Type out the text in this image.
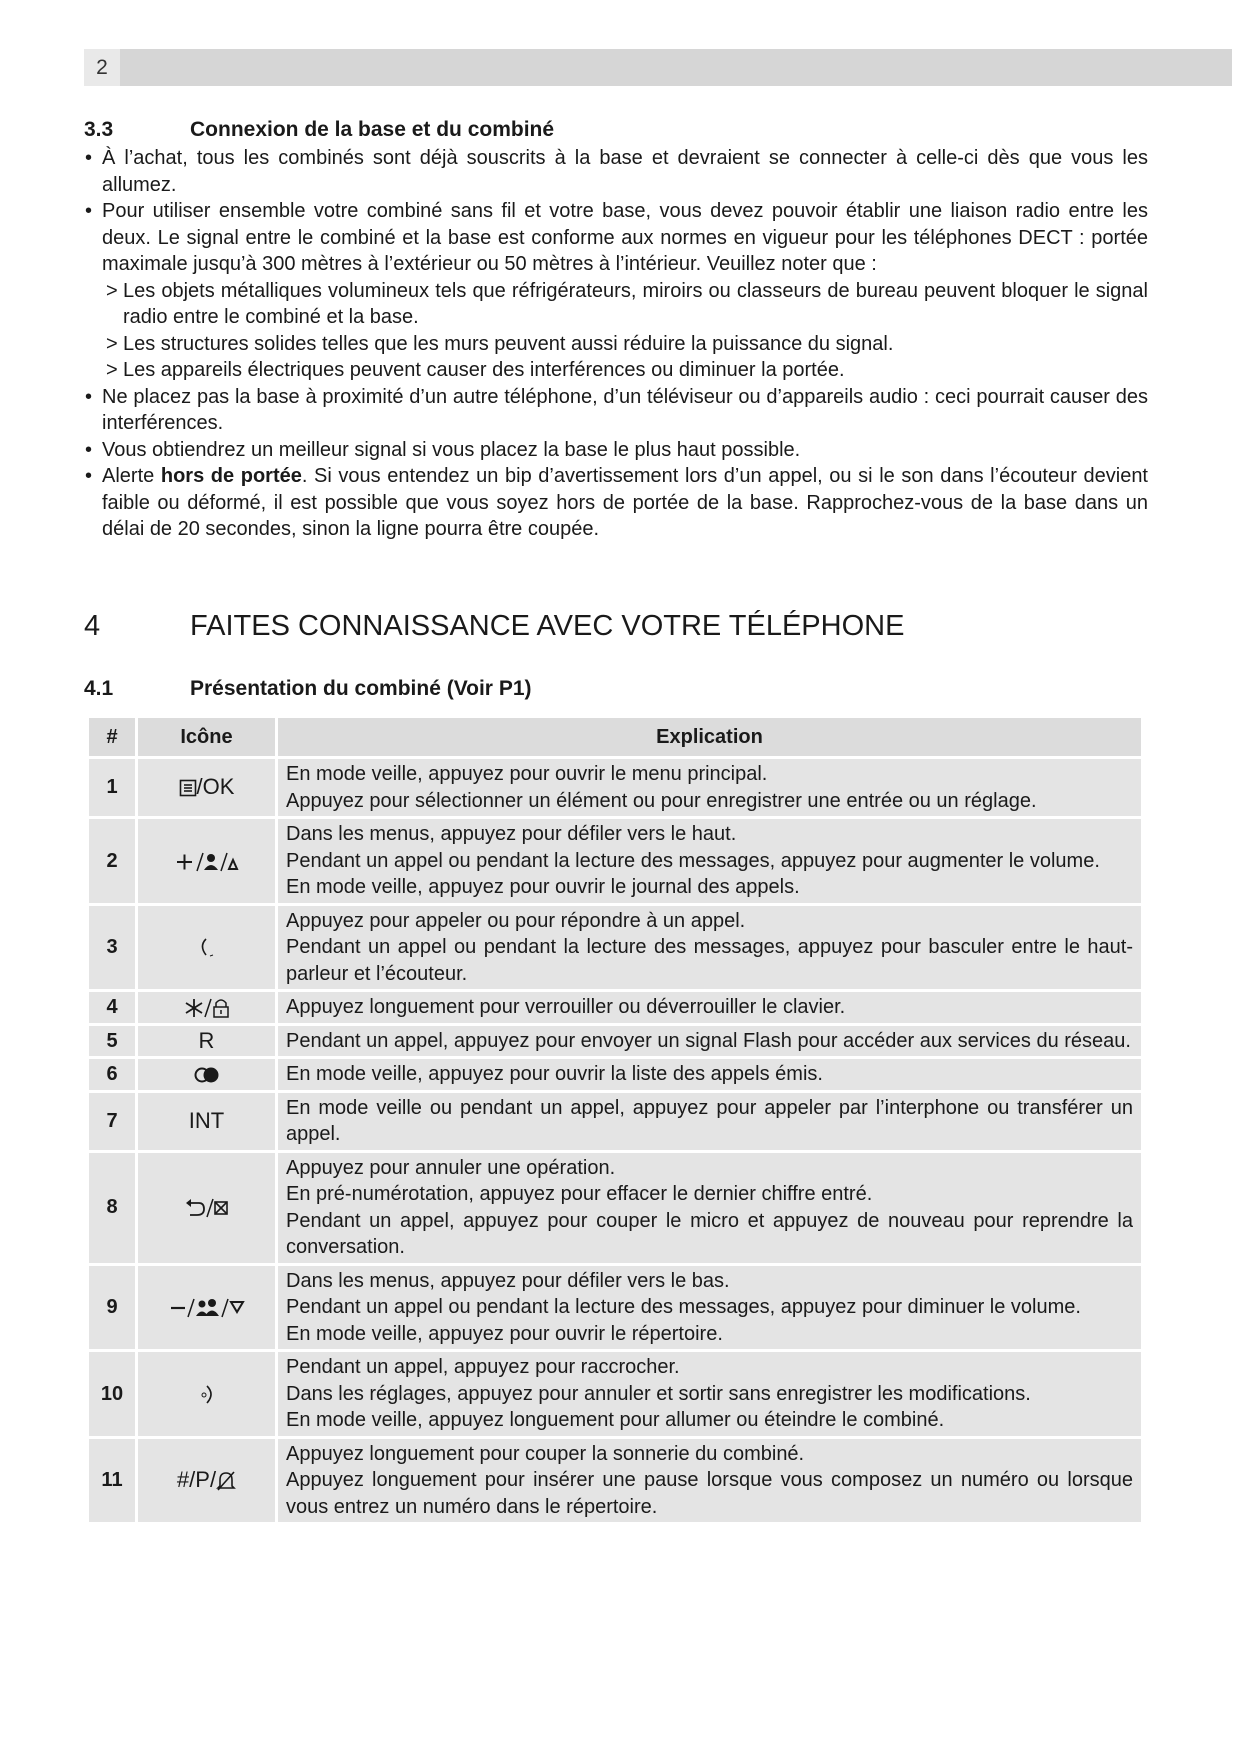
2
3.3	Connexion de la base et du combiné
• À l’achat, tous les combinés sont déjà souscrits à la base et devraient se connecter à celle-ci dès que vous les allumez.
• Pour utiliser ensemble votre combiné sans fil et votre base, vous devez pouvoir établir une liaison radio entre les deux. Le signal entre le combiné et la base est conforme aux normes en vigueur pour les téléphones DECT : portée maximale jusqu’à 300 mètres à l’extérieur ou 50 mètres à l’intérieur. Veuillez noter que :
> Les objets métalliques volumineux tels que réfrigérateurs, miroirs ou classeurs de bureau peuvent bloquer le signal radio entre le combiné et la base.
> Les structures solides telles que les murs peuvent aussi réduire la puissance du signal.
> Les appareils électriques peuvent causer des interférences ou diminuer la portée.
• Ne placez pas la base à proximité d’un autre téléphone, d’un téléviseur ou d’appareils audio : ceci pourrait causer des interférences.
• Vous obtiendrez un meilleur signal si vous placez la base le plus haut possible.
• Alerte hors de portée. Si vous entendez un bip d’avertissement lors d’un appel, ou si le son dans l’écouteur devient faible ou déformé, il est possible que vous soyez hors de portée de la base. Rapprochez-vous de la base dans un délai de 20 secondes, sinon la ligne pourra être coupée.
4	FAITES CONNAISSANCE AVEC VOTRE TÉLÉPHONE
4.1	Présentation du combiné (Voir P1)
#	Icône	Explication
1	/OK	En mode veille, appuyez pour ouvrir le menu principal.
Appuyez pour sélectionner un élément ou pour enregistrer une entrée ou un réglage.

2		Dans les menus, appuyez pour défiler vers le haut.
Pendant un appel ou pendant la lecture des messages, appuyez pour augmenter le volume.
En mode veille, appuyez pour ouvrir le journal des appels.

3		Appuyez pour appeler ou pour répondre à un appel.
Pendant un appel ou pendant la lecture des messages, appuyez pour basculer entre le haut-parleur et l’écouteur.

4		Appuyez longuement pour verrouiller ou déverrouiller le clavier.

5	R	Pendant un appel, appuyez pour envoyer un signal Flash pour accéder aux services du réseau.

6		En mode veille, appuyez pour ouvrir la liste des appels émis.

7	INT	En mode veille ou pendant un appel, appuyez pour appeler par l’interphone ou transférer un appel.

8		Appuyez pour annuler une opération.
En pré-numérotation, appuyez pour effacer le dernier chiffre entré.
Pendant un appel, appuyez pour couper le micro et appuyez de nouveau pour reprendre la conversation.

9		Dans les menus, appuyez pour défiler vers le bas.
Pendant un appel ou pendant la lecture des messages, appuyez pour diminuer le volume.
En mode veille, appuyez pour ouvrir le répertoire.

10		Pendant un appel, appuyez pour raccrocher.
Dans les réglages, appuyez pour annuler et sortir sans enregistrer les modifications.
En mode veille, appuyez longuement pour allumer ou éteindre le combiné.

11	#/P/	Appuyez longuement pour couper la sonnerie du combiné.
Appuyez longuement pour insérer une pause lorsque vous composez un numéro ou lorsque vous entrez un numéro dans le répertoire.
